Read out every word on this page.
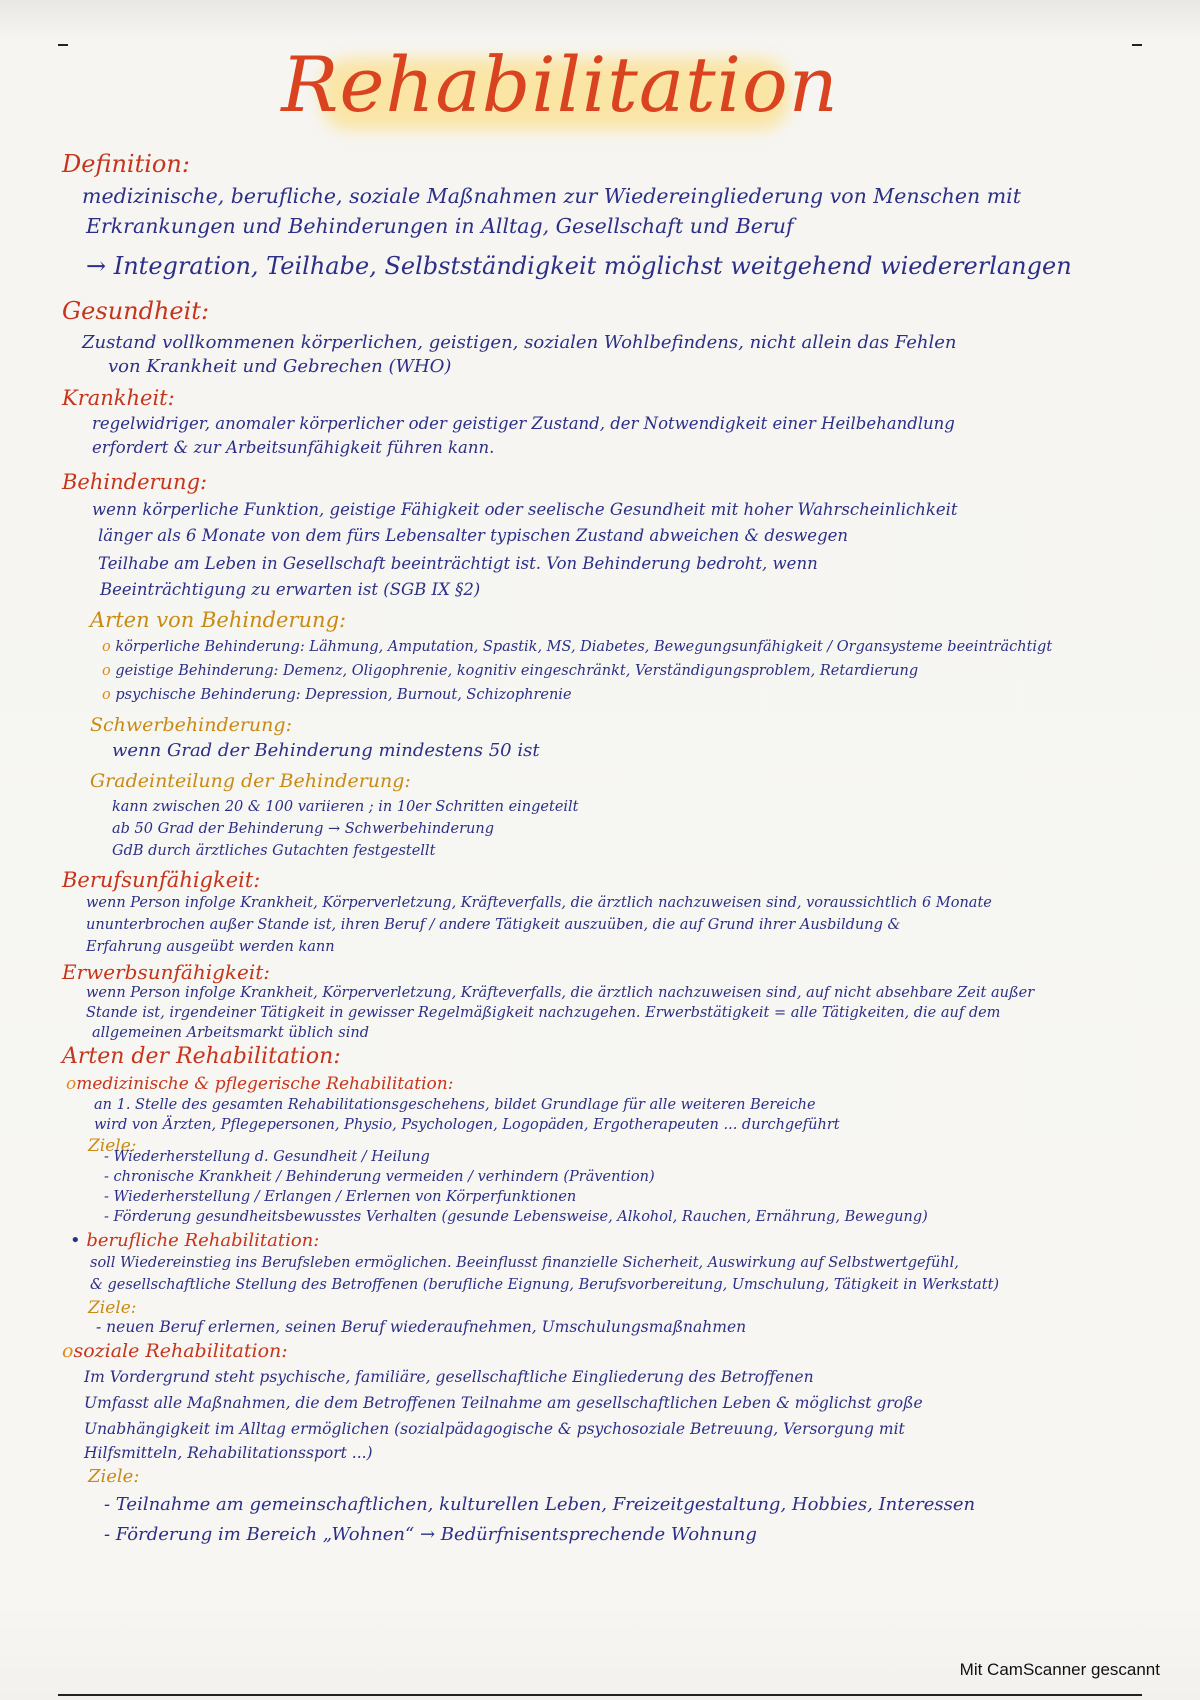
Rehabilitation
Definition:
medizinische, berufliche, soziale Maßnahmen zur Wiedereingliederung von Menschen mit
Erkrankungen und Behinderungen in Alltag, Gesellschaft und Beruf
→ Integration, Teilhabe, Selbstständigkeit möglichst weitgehend wiedererlangen
Gesundheit:
Zustand vollkommenen körperlichen, geistigen, sozialen Wohlbefindens, nicht allein das Fehlen
von Krankheit und Gebrechen (WHO)
Krankheit:
regelwidriger, anomaler körperlicher oder geistiger Zustand, der Notwendigkeit einer Heilbehandlung
erfordert & zur Arbeitsunfähigkeit führen kann.
Behinderung:
wenn körperliche Funktion, geistige Fähigkeit oder seelische Gesundheit mit hoher Wahrscheinlichkeit
länger als 6 Monate von dem fürs Lebensalter typischen Zustand abweichen & deswegen
Teilhabe am Leben in Gesellschaft beeinträchtigt ist. Von Behinderung bedroht, wenn
Beeinträchtigung zu erwarten ist (SGB IX §2)
Arten von Behinderung:
o körperliche Behinderung: Lähmung, Amputation, Spastik, MS, Diabetes, Bewegungsunfähigkeit / Organsysteme beeinträchtigt
o geistige Behinderung: Demenz, Oligophrenie, kognitiv eingeschränkt, Verständigungsproblem, Retardierung
o psychische Behinderung: Depression, Burnout, Schizophrenie
Schwerbehinderung:
wenn Grad der Behinderung mindestens 50 ist
Gradeinteilung der Behinderung:
kann zwischen 20 & 100 variieren ; in 10er Schritten eingeteilt
ab 50 Grad der Behinderung → Schwerbehinderung
GdB durch ärztliches Gutachten festgestellt
Berufsunfähigkeit:
wenn Person infolge Krankheit, Körperverletzung, Kräfteverfalls, die ärztlich nachzuweisen sind, voraussichtlich 6 Monate
ununterbrochen außer Stande ist, ihren Beruf / andere Tätigkeit auszuüben, die auf Grund ihrer Ausbildung &
Erfahrung ausgeübt werden kann
Erwerbsunfähigkeit:
wenn Person infolge Krankheit, Körperverletzung, Kräfteverfalls, die ärztlich nachzuweisen sind, auf nicht absehbare Zeit außer
Stande ist, irgendeiner Tätigkeit in gewisser Regelmäßigkeit nachzugehen. Erwerbstätigkeit = alle Tätigkeiten, die auf dem
allgemeinen Arbeitsmarkt üblich sind
Arten der Rehabilitation:
omedizinische & pflegerische Rehabilitation:
an 1. Stelle des gesamten Rehabilitationsgeschehens, bildet Grundlage für alle weiteren Bereiche
wird von Ärzten, Pflegepersonen, Physio, Psychologen, Logopäden, Ergotherapeuten ... durchgeführt
Ziele:
- Wiederherstellung d. Gesundheit / Heilung
- chronische Krankheit / Behinderung vermeiden / verhindern (Prävention)
- Wiederherstellung / Erlangen / Erlernen von Körperfunktionen
- Förderung gesundheitsbewusstes Verhalten (gesunde Lebensweise, Alkohol, Rauchen, Ernährung, Bewegung)
• berufliche Rehabilitation:
soll Wiedereinstieg ins Berufsleben ermöglichen. Beeinflusst finanzielle Sicherheit, Auswirkung auf Selbstwertgefühl,
& gesellschaftliche Stellung des Betroffenen (berufliche Eignung, Berufsvorbereitung, Umschulung, Tätigkeit in Werkstatt)
Ziele:
- neuen Beruf erlernen, seinen Beruf wiederaufnehmen, Umschulungsmaßnahmen
osoziale Rehabilitation:
Im Vordergrund steht psychische, familiäre, gesellschaftliche Eingliederung des Betroffenen
Umfasst alle Maßnahmen, die dem Betroffenen Teilnahme am gesellschaftlichen Leben & möglichst große
Unabhängigkeit im Alltag ermöglichen (sozialpädagogische & psychosoziale Betreuung, Versorgung mit
Hilfsmitteln, Rehabilitationssport ...)
Ziele:
- Teilnahme am gemeinschaftlichen, kulturellen Leben, Freizeitgestaltung, Hobbies, Interessen
- Förderung im Bereich „Wohnen“ → Bedürfnisentsprechende Wohnung
Mit CamScanner gescannt
